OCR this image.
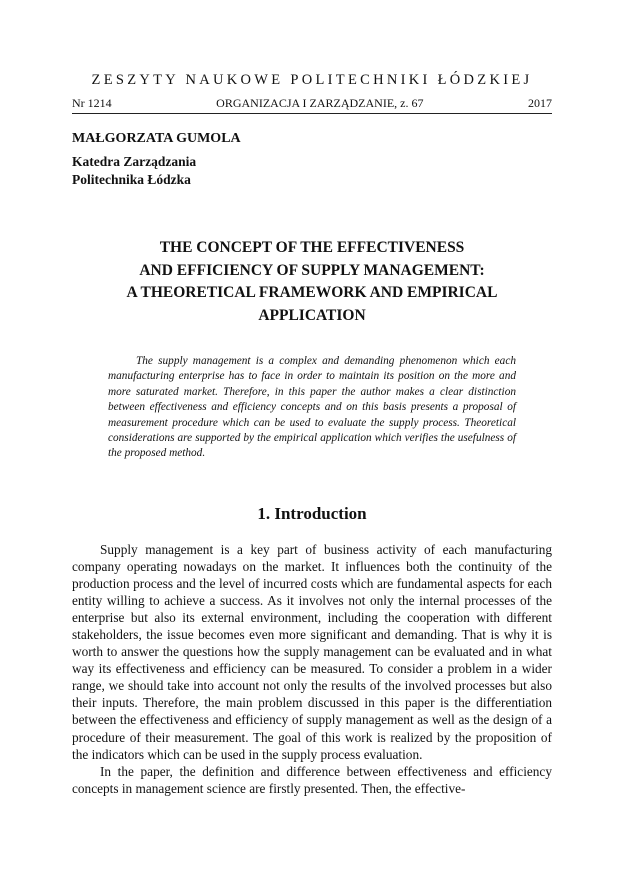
ZESZYTY NAUKOWE POLITECHNIKI ŁÓDZKIEJ
Nr 1214	ORGANIZACJA I ZARZĄDZANIE, z. 67	2017
MAŁGORZATA GUMOLA
Katedra Zarządzania
Politechnika Łódzka
THE CONCEPT OF THE EFFECTIVENESS
AND EFFICIENCY OF SUPPLY MANAGEMENT:
A THEORETICAL FRAMEWORK AND EMPIRICAL
APPLICATION
The supply management is a complex and demanding phenomenon which each manufacturing enterprise has to face in order to maintain its position on the more and more saturated market. Therefore, in this paper the author makes a clear distinction between effectiveness and efficiency concepts and on this basis presents a proposal of measurement procedure which can be used to evaluate the supply process. Theoretical considerations are supported by the empirical application which verifies the usefulness of the proposed method.
1. Introduction

Supply management is a key part of business activity of each manufacturing company operating nowadays on the market. It influences both the continuity of the production process and the level of incurred costs which are fundamental aspects for each entity willing to achieve a success. As it involves not only the internal processes of the enterprise but also its external environment, including the cooperation with different stakeholders, the issue becomes even more significant and demanding. That is why it is worth to answer the questions how the supply management can be evaluated and in what way its effectiveness and efficiency can be measured. To consider a problem in a wider range, we should take into account not only the results of the involved processes but also their inputs. Therefore, the main problem discussed in this paper is the differentiation between the effectiveness and efficiency of supply management as well as the design of a procedure of their measurement. The goal of this work is realized by the proposition of the indicators which can be used in the supply process evaluation.

In the paper, the definition and difference between effectiveness and efficiency concepts in management science are firstly presented. Then, the effective-
